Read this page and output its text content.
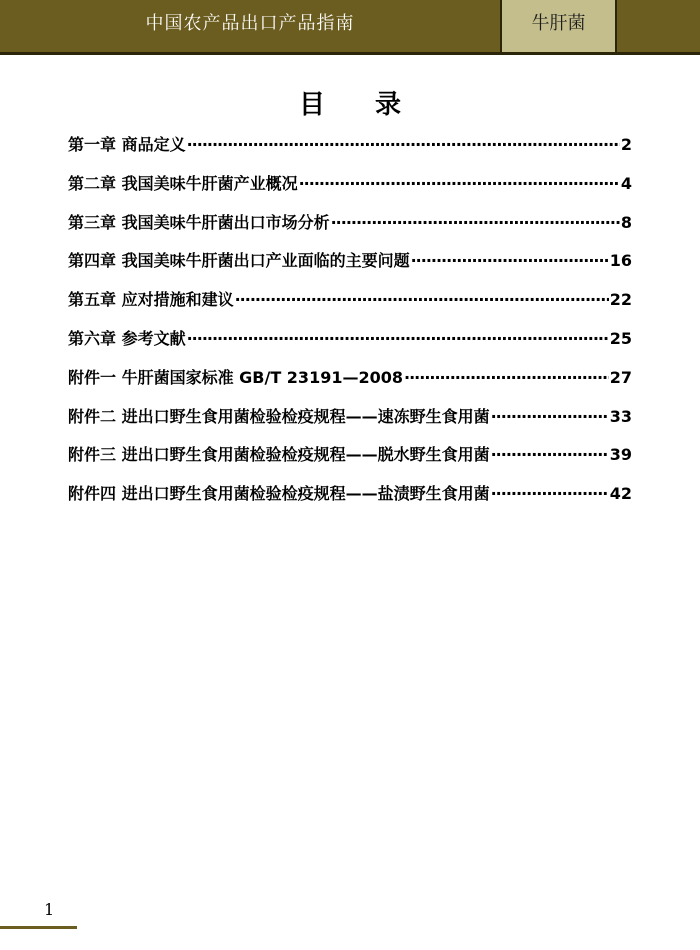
中国农产品出口产品指南	牛肝菌
目录
第一章 商品定义 ·····	2
第二章 我国美味牛肝菌产业概况 ·····	4
第三章 我国美味牛肝菌出口市场分析 ·····	8
第四章 我国美味牛肝菌出口产业面临的主要问题 ·····	16
第五章 应对措施和建议 ·····	22
第六章 参考文献 ·····	25
附件一 牛肝菌国家标准 GB/T 23191—2008 ·····	27
附件二 进出口野生食用菌检验检疫规程——速冻野生食用菌 ·····	33
附件三 进出口野生食用菌检验检疫规程——脱水野生食用菌 ·····	39
附件四 进出口野生食用菌检验检疫规程——盐渍野生食用菌 ·····	42
1
